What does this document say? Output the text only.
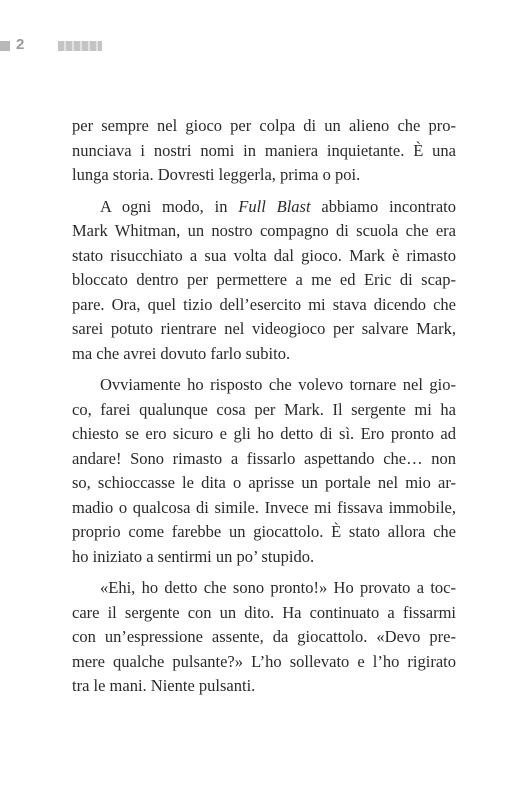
2

per sempre nel gioco per colpa di un alieno che pro-
nunciava i nostri nomi in maniera inquietante. È una
lunga storia. Dovresti leggerla, prima o poi.

A ogni modo, in Full Blast abbiamo incontrato
Mark Whitman, un nostro compagno di scuola che era
stato risucchiato a sua volta dal gioco. Mark è rimasto
bloccato dentro per permettere a me ed Eric di scap-
pare. Ora, quel tizio dell’esercito mi stava dicendo che
sarei potuto rientrare nel videogioco per salvare Mark,
ma che avrei dovuto farlo subito.

Ovviamente ho risposto che volevo tornare nel gio-
co, farei qualunque cosa per Mark. Il sergente mi ha
chiesto se ero sicuro e gli ho detto di sì. Ero pronto ad
andare! Sono rimasto a fissarlo aspettando che… non
so, schioccasse le dita o aprisse un portale nel mio ar-
madio o qualcosa di simile. Invece mi fissava immobile,
proprio come farebbe un giocattolo. È stato allora che
ho iniziato a sentirmi un po’ stupido.

«Ehi, ho detto che sono pronto!» Ho provato a toc-
care il sergente con un dito. Ha continuato a fissarmi
con un’espressione assente, da giocattolo. «Devo pre-
mere qualche pulsante?» L’ho sollevato e l’ho rigirato
tra le mani. Niente pulsanti.
